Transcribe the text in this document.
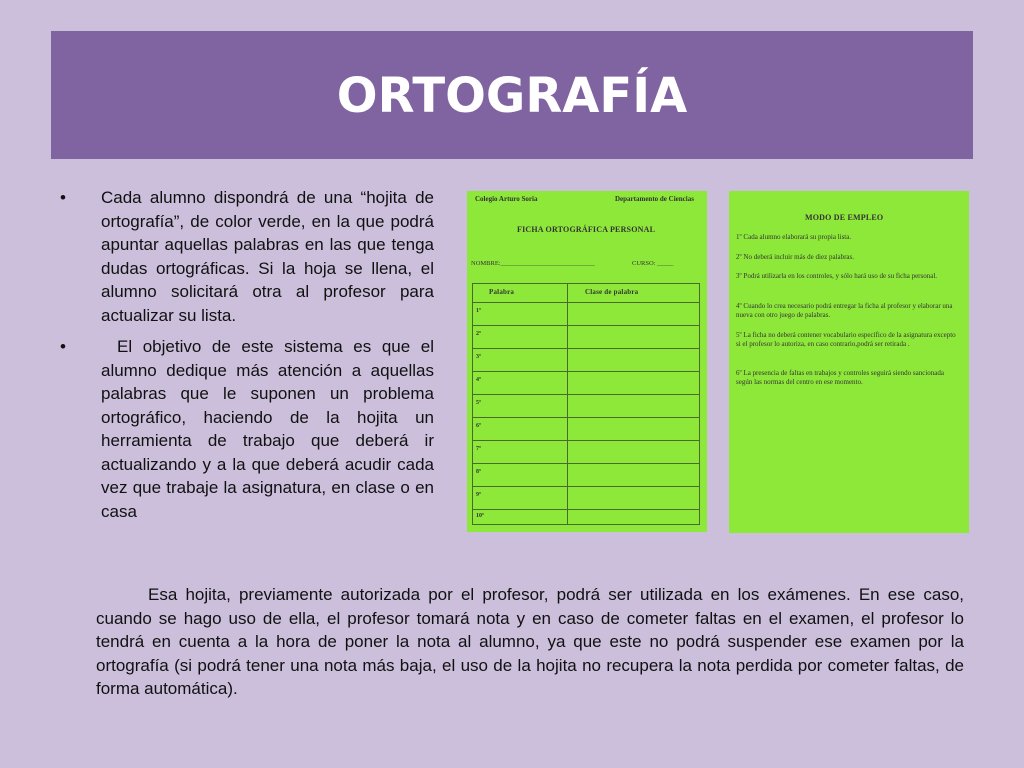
ORTOGRAFÍA
• Cada alumno dispondrá de una “hojita de ortografía”, de color verde, en la que podrá apuntar aquellas palabras en las que tenga dudas ortográficas. Si la hoja se llena, el alumno solicitará otra al profesor para actualizar su lista.
•	El objetivo de este sistema es que el alumno dedique más atención a aquellas palabras que le suponen un problema ortográfico, haciendo de la hojita un herramienta de trabajo que deberá ir actualizando y a la que deberá acudir cada vez que trabaje la asignatura, en clase o en casa
Colegio Arturo Soria	Departamento de Ciencias
FICHA ORTOGRÁFICA PERSONAL
NOMBRE:_____________________________	CURSO: _____
Palabra	Clase de palabra
1º
2º
3º
4º
5º
6º
7º
8º
9º
10º
MODO DE EMPLEO
1º Cada alumno elaborará su propia lista.
2º No deberá incluir más de diez palabras.
3º Podrá utilizarla en los controles, y sólo hará uso de su ficha personal.
4º Cuando lo crea necesario podrá entregar la ficha al profesor y elaborar una nueva con otro juego de palabras.
5º La ficha no deberá contener vocabulario específico de la asignatura excepto si el profesor lo autoriza, en caso contrario,podrá ser retirada .
6º La presencia de faltas en trabajos y controles seguirá siendo sancionada según las normas del centro en ese momento.

Esa hojita, previamente autorizada por el profesor, podrá ser utilizada en los exámenes. En ese caso, cuando se hago uso de ella, el profesor tomará nota y en caso de cometer faltas en el examen, el profesor lo tendrá en cuenta a la hora de poner la nota al alumno, ya que este no podrá suspender ese examen por la ortografía (si podrá tener una nota más baja, el uso de la hojita no recupera la nota perdida por cometer faltas, de forma automática).
